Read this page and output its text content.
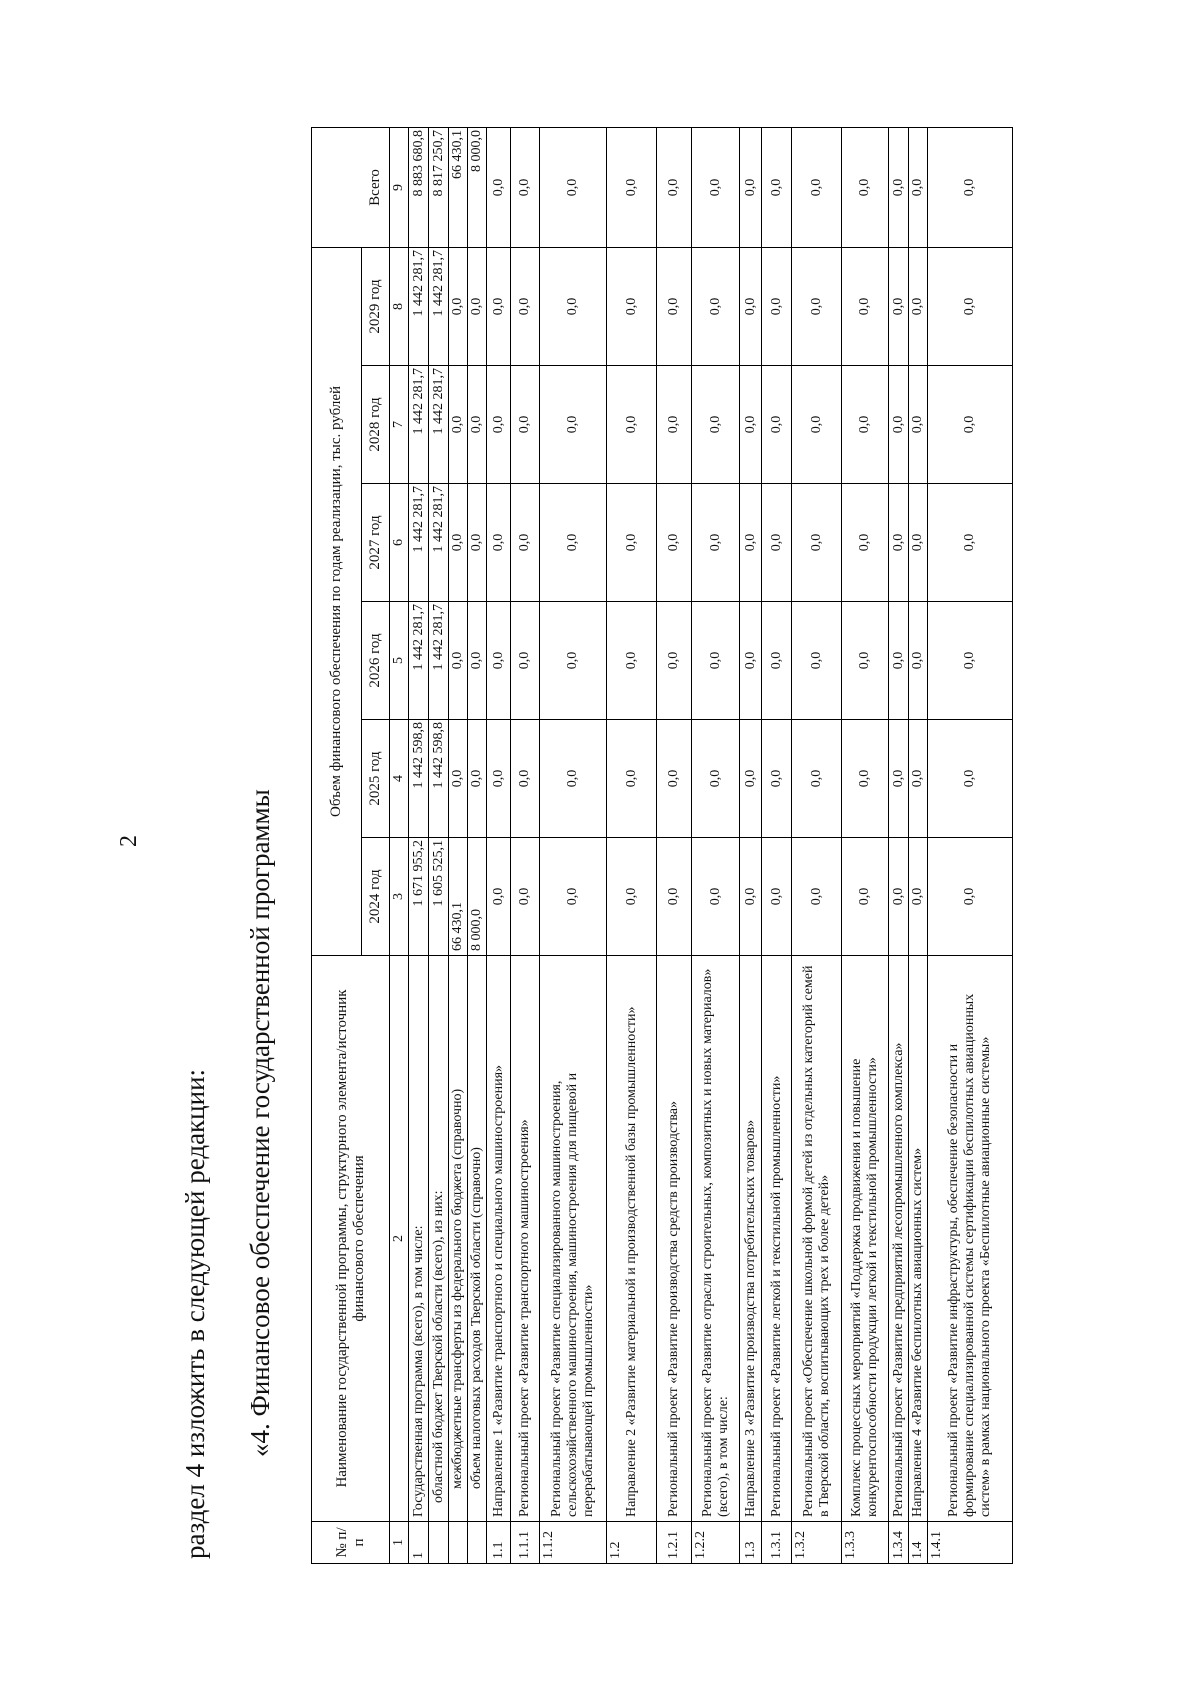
2
раздел 4 изложить в следующей редакции: «4. Финансовое обеспечение государственной программы
№ п/п	Наименование государственной программы, структурного элемента/источник финансового обеспечения	Объем финансового обеспечения по годам реализации, тыс. рублей						
		2024 год	2025 год	2026 год	2027 год	2028 год	2029 год	Всего
1	2	3	4	5	6	7	8	9
1	Государственная программа (всего), в том числе:	1 671 955,2	1 442 598,8	1 442 281,7	1 442 281,7	1 442 281,7	1 442 281,7	8 883 680,8
	областной бюджет Тверской области (всего), из них:	1 605 525,1	1 442 598,8	1 442 281,7	1 442 281,7	1 442 281,7	1 442 281,7	8 817 250,7
	межбюджетные трансферты из федерального бюджета (справочно)	66 430,1	0,0	0,0	0,0	0,0	0,0	66 430,1
	объем налоговых расходов Тверской области (справочно)	8 000,0	0,0	0,0	0,0	0,0	0,0	8 000,0
1.1	Направление 1 «Развитие транспортного и специального машиностроения»	0,0	0,0	0,0	0,0	0,0	0,0	0,0
1.1.1	Региональный проект «Развитие транспортного машиностроения»	0,0	0,0	0,0	0,0	0,0	0,0	0,0
1.1.2	Региональный проект «Развитие специализированного машиностроения, сельскохозяйственного машиностроения, машиностроения для пищевой и перерабатывающей промышленности»	0,0	0,0	0,0	0,0	0,0	0,0	0,0
1.2	Направление 2 «Развитие материальной и производственной базы промышленности»	0,0	0,0	0,0	0,0	0,0	0,0	0,0
1.2.1	Региональный проект «Развитие производства средств производства»	0,0	0,0	0,0	0,0	0,0	0,0	0,0
1.2.2	Региональный проект «Развитие отрасли строительных, композитных и новых материалов» (всего), в том числе:	0,0	0,0	0,0	0,0	0,0	0,0	0,0
1.3	Направление 3 «Развитие производства потребительских товаров»	0,0	0,0	0,0	0,0	0,0	0,0	0,0
1.3.1	Региональный проект «Развитие легкой и текстильной промышленности»	0,0	0,0	0,0	0,0	0,0	0,0	0,0
1.3.2	Региональный проект «Обеспечение школьной формой детей из отдельных категорий семей в Тверской области, воспитывающих трех и более детей»	0,0	0,0	0,0	0,0	0,0	0,0	0,0
1.3.3	Комплекс процессных мероприятий «Поддержка продвижения и повышение конкурентоспособности продукции легкой и текстильной промышленности»	0,0	0,0	0,0	0,0	0,0	0,0	0,0
1.3.4	Региональный проект «Развитие предприятий лесопромышленного комплекса»	0,0	0,0	0,0	0,0	0,0	0,0	0,0
1.4	Направление 4 «Развитие беспилотных авиационных систем»	0,0	0,0	0,0	0,0	0,0	0,0	0,0
1.4.1	Региональный проект «Развитие инфраструктуры, обеспечение безопасности и формирование специализированной системы сертификации беспилотных авиационных систем» в рамках национального проекта «Беспилотные авиационные системы»	0,0	0,0	0,0	0,0	0,0	0,0	0,0
